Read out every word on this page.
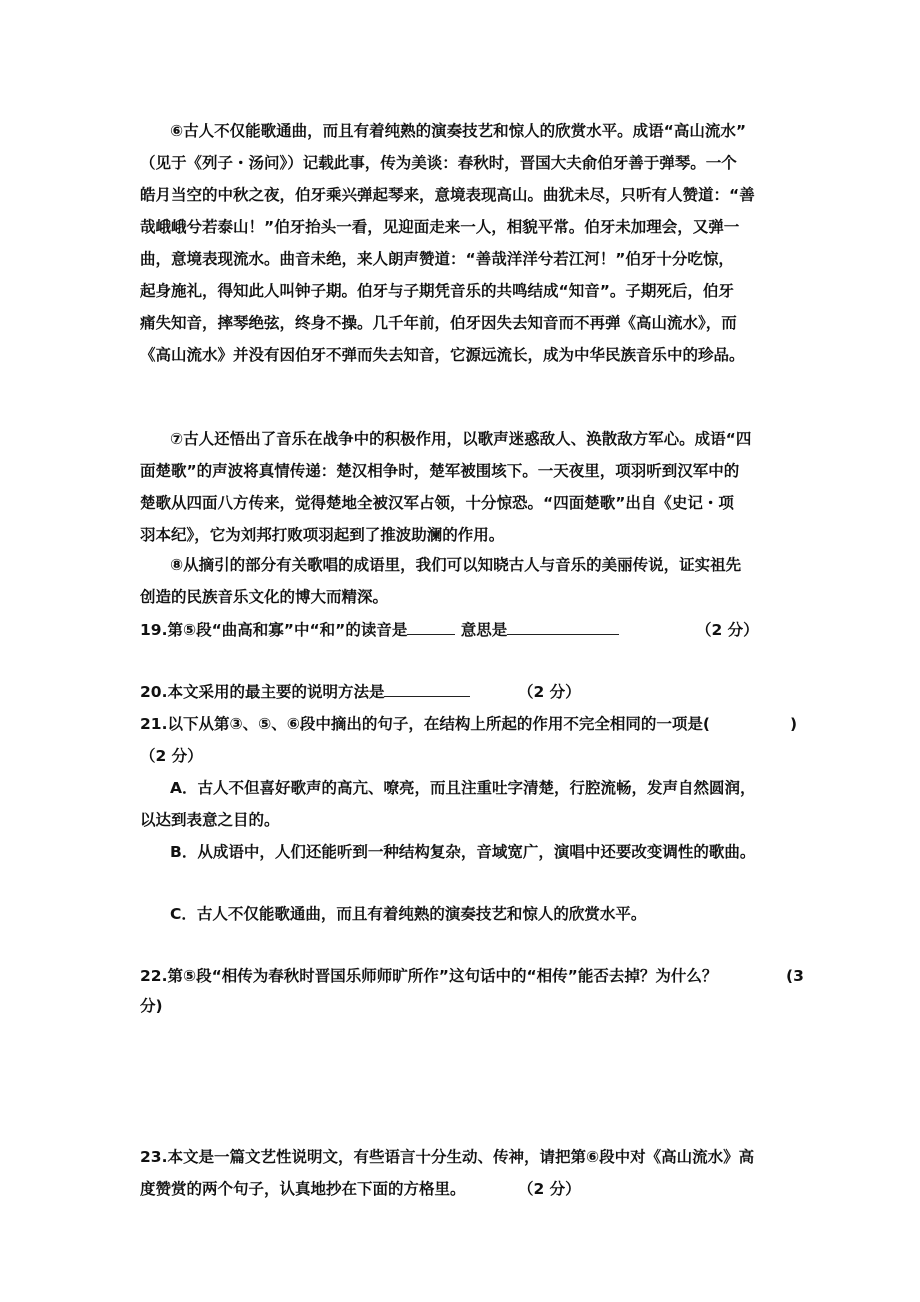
⑥古人不仅能歌通曲，而且有着纯熟的演奏技艺和惊人的欣赏水平。成语“高山流水”
（见于《列子・汤问》）记载此事，传为美谈：春秋时，晋国大夫俞伯牙善于弹琴。一个
皓月当空的中秋之夜，伯牙乘兴弹起琴来，意境表现高山。曲犹未尽，只听有人赞道：“善
哉峨峨兮若泰山！”伯牙抬头一看，见迎面走来一人，相貌平常。伯牙未加理会，又弹一
曲，意境表现流水。曲音未绝，来人朗声赞道：“善哉洋洋兮若江河！”伯牙十分吃惊，
起身施礼，得知此人叫钟子期。伯牙与子期凭音乐的共鸣结成“知音”。子期死后，伯牙
痛失知音，摔琴绝弦，终身不操。几千年前，伯牙因失去知音而不再弹《高山流水》，而
《高山流水》并没有因伯牙不弹而失去知音，它源远流长，成为中华民族音乐中的珍品。
⑦古人还悟出了音乐在战争中的积极作用，以歌声迷惑敌人、涣散敌方军心。成语“四
面楚歌”的声波将真情传递：楚汉相争时，楚军被围垓下。一天夜里，项羽听到汉军中的
楚歌从四面八方传来，觉得楚地全被汉军占领，十分惊恐。“四面楚歌”出自《史记・项
羽本纪》，它为刘邦打败项羽起到了推波助澜的作用。
⑧从摘引的部分有关歌唱的成语里，我们可以知晓古人与音乐的美丽传说，证实祖先
创造的民族音乐文化的博大而精深。
19.第⑤段“曲高和寡”中“和”的读音是	意思是	（2 分）
20.本文采用的最主要的说明方法是	（2 分）
21.以下从第③、⑤、⑥段中摘出的句子，在结构上所起的作用不完全相同的一项是(	)
（2 分）
A．古人不但喜好歌声的高亢、嘹亮，而且注重吐字清楚，行腔流畅，发声自然圆润，
以达到表意之目的。
B．从成语中，人们还能听到一种结构复杂，音域宽广，演唱中还要改变调性的歌曲。
C．古人不仅能歌通曲，而且有着纯熟的演奏技艺和惊人的欣赏水平。
22.第⑤段“相传为春秋时晋国乐师师旷所作”这句话中的“相传”能否去掉？为什么？	(3
分)
23.本文是一篇文艺性说明文，有些语言十分生动、传神，请把第⑥段中对《高山流水》高
度赞赏的两个句子，认真地抄在下面的方格里。	（2 分）
